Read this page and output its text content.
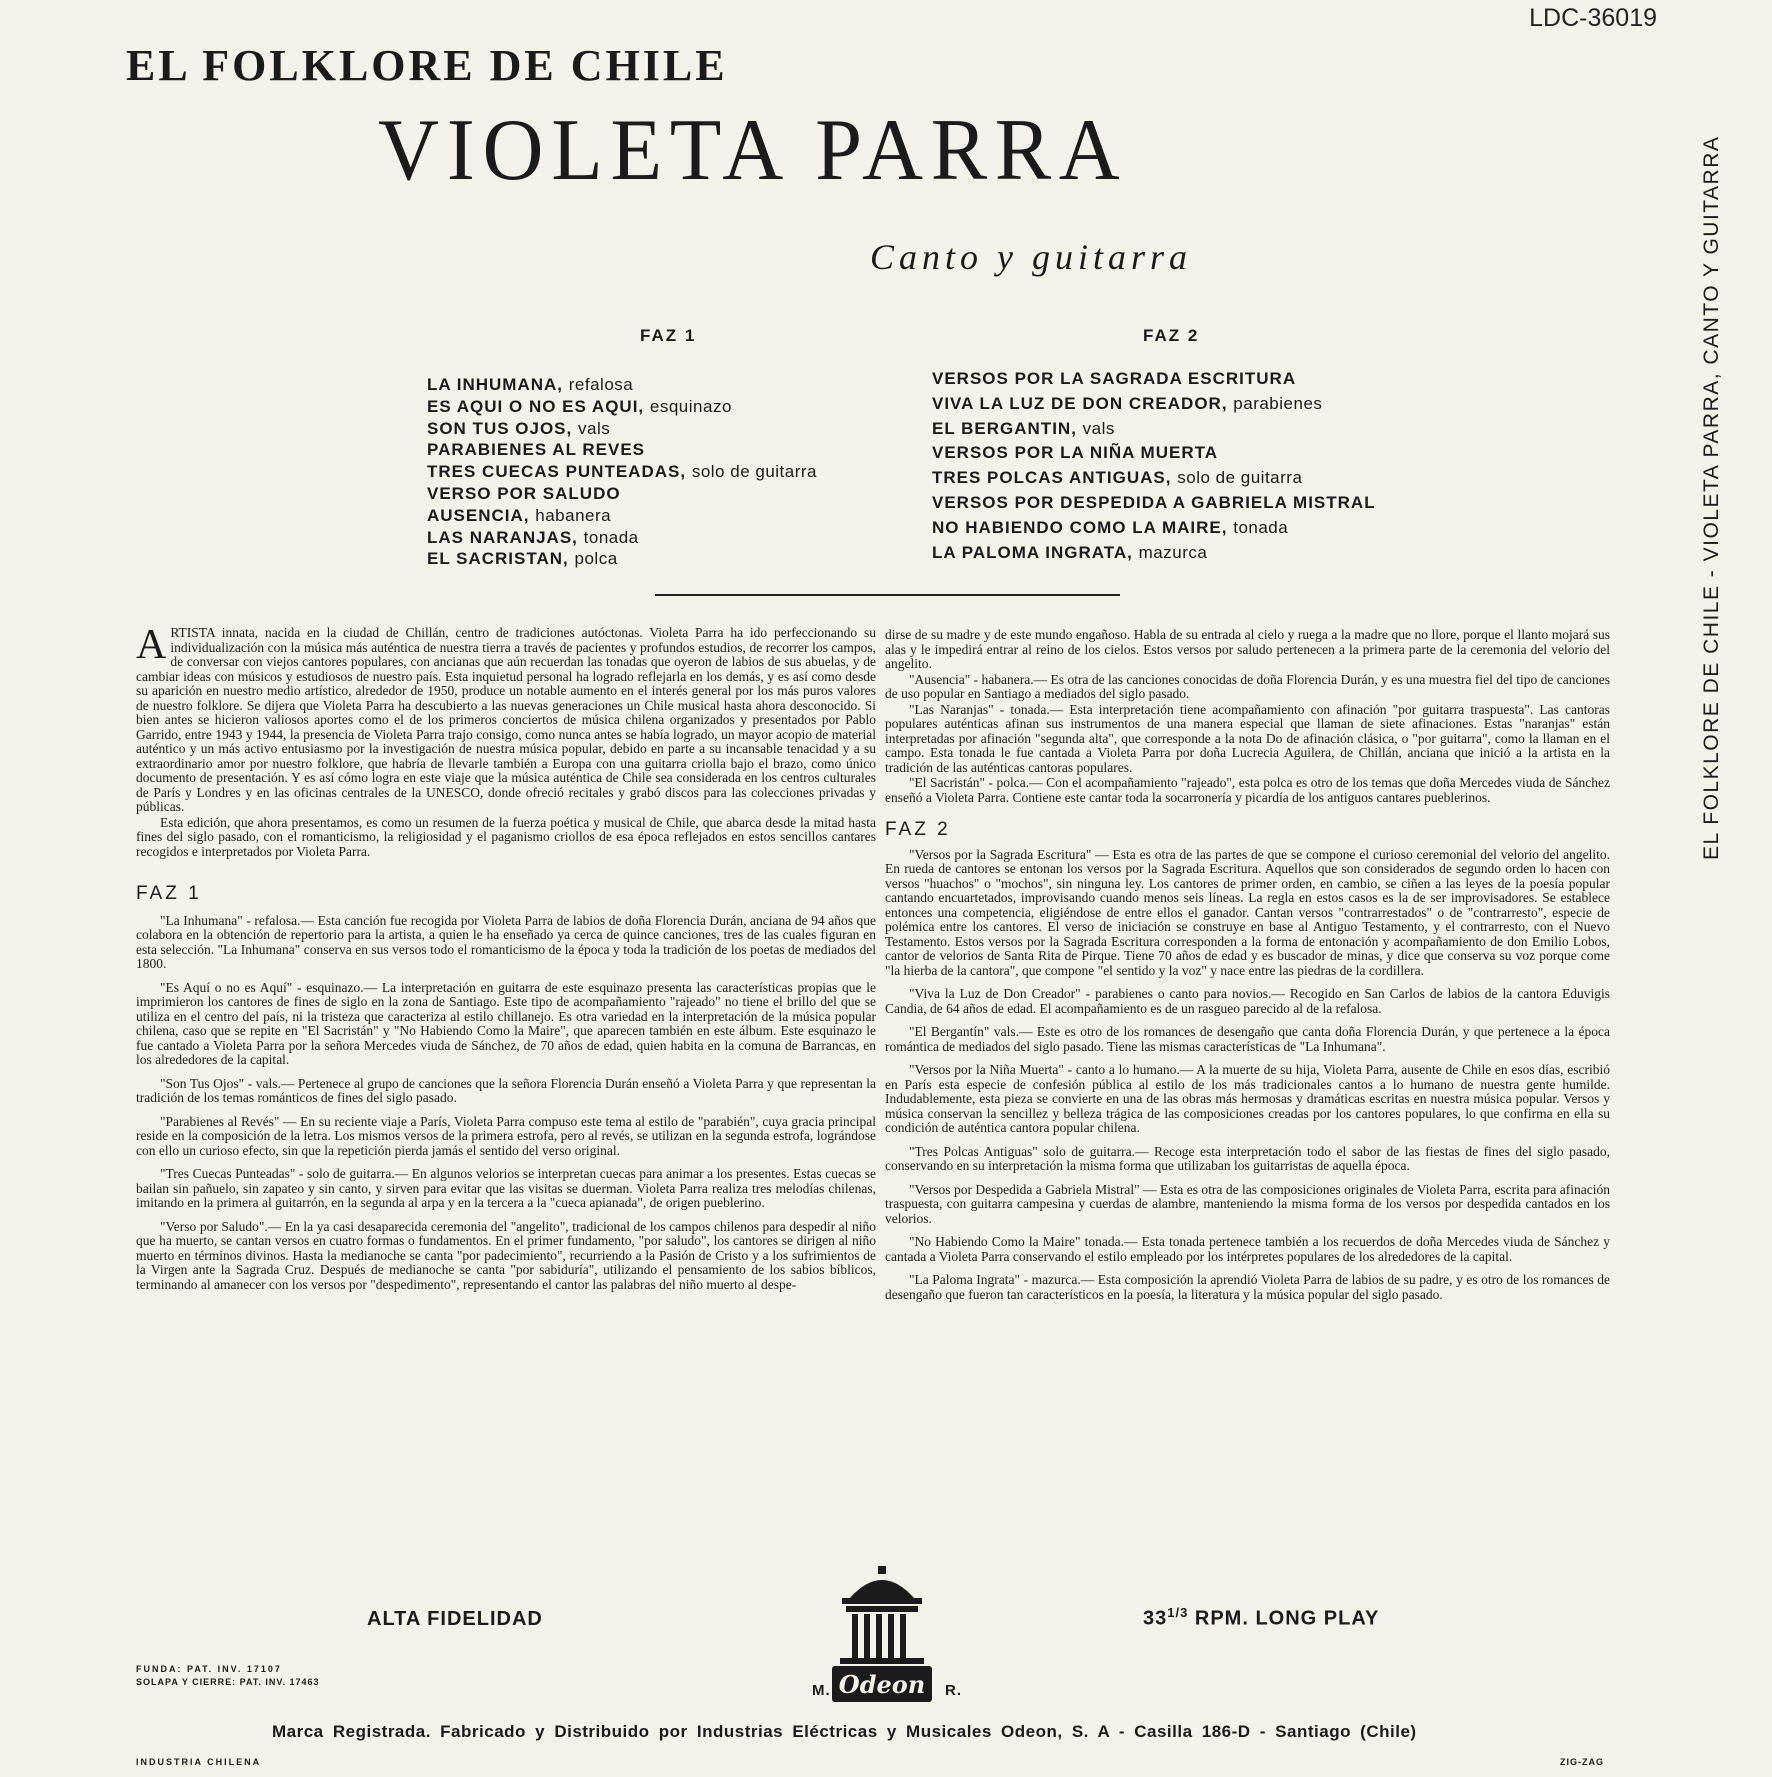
LDC-36019
EL FOLKLORE DE CHILE
VIOLETA PARRA
Canto y guitarra
FAZ 1	FAZ 2
LA INHUMANA, refalosa
ES AQUI O NO ES AQUI, esquinazo
SON TUS OJOS, vals
PARABIENES AL REVES
TRES CUECAS PUNTEADAS, solo de guitarra
VERSO POR SALUDO
AUSENCIA, habanera
LAS NARANJAS, tonada
EL SACRISTAN, polca
VERSOS POR LA SAGRADA ESCRITURA
VIVA LA LUZ DE DON CREADOR, parabienes
EL BERGANTIN, vals
VERSOS POR LA NIÑA MUERTA
TRES POLCAS ANTIGUAS, solo de guitarra
VERSOS POR DESPEDIDA A GABRIELA MISTRAL
NO HABIENDO COMO LA MAIRE, tonada
LA PALOMA INGRATA, mazurca

ARTISTA innata, nacida en la ciudad de Chillán, centro de tradiciones autóctonas. Violeta Parra ha ido perfeccionando su individualización con la música más auténtica de nuestra tierra a través de pacientes y profundos estudios, de recorrer los campos, de conversar con viejos cantores populares, con ancianas que aún recuerdan las tonadas que oyeron de labios de sus abuelas, y de cambiar ideas con músicos y estudiosos de nuestro país. Esta inquietud personal ha logrado reflejarla en los demás, y es así como desde su aparición en nuestro medio artístico, alrededor de 1950, produce un notable aumento en el interés general por los más puros valores de nuestro folklore. Se dijera que Violeta Parra ha descubierto a las nuevas generaciones un Chile musical hasta ahora desconocido. Si bien antes se hicieron valiosos aportes como el de los primeros conciertos de música chilena organizados y presentados por Pablo Garrido, entre 1943 y 1944, la presencia de Violeta Parra trajo consigo, como nunca antes se había logrado, un mayor acopio de material auténtico y un más activo entusiasmo por la investigación de nuestra música popular, debido en parte a su incansable tenacidad y a su extraordinario amor por nuestro folklore, que habría de llevarle también a Europa con una guitarra criolla bajo el brazo, como único documento de presentación. Y es así cómo logra en este viaje que la música auténtica de Chile sea considerada en los centros culturales de París y Londres y en las oficinas centrales de la UNESCO, donde ofreció recitales y grabó discos para las colecciones privadas y públicas.

Esta edición, que ahora presentamos, es como un resumen de la fuerza poética y musical de Chile, que abarca desde la mitad hasta fines del siglo pasado, con el romanticismo, la religiosidad y el paganismo criollos de esa época reflejados en estos sencillos cantares recogidos e interpretados por Violeta Parra.

FAZ 1

"La Inhumana" - refalosa.— Esta canción fue recogida por Violeta Parra de labios de doña Florencia Durán, anciana de 94 años que colabora en la obtención de repertorio para la artista, a quien le ha enseñado ya cerca de quince canciones, tres de las cuales figuran en esta selección. "La Inhumana" conserva en sus versos todo el romanticismo de la época y toda la tradición de los poetas de mediados del 1800.

"Es Aquí o no es Aquí" - esquinazo.— La interpretación en guitarra de este esquinazo presenta las características propias que le imprimieron los cantores de fines de siglo en la zona de Santiago. Este tipo de acompañamiento "rajeado" no tiene el brillo del que se utiliza en el centro del país, ni la tristeza que caracteriza al estilo chillanejo. Es otra variedad en la interpretación de la música popular chilena, caso que se repite en "El Sacristán" y "No Habiendo Como la Maire", que aparecen también en este álbum. Este esquinazo le fue cantado a Violeta Parra por la señora Mercedes viuda de Sánchez, de 70 años de edad, quien habita en la comuna de Barrancas, en los alrededores de la capital.

"Son Tus Ojos" - vals.— Pertenece al grupo de canciones que la señora Florencia Durán enseñó a Violeta Parra y que representan la tradición de los temas románticos de fines del siglo pasado.

"Parabienes al Revés" — En su reciente viaje a París, Violeta Parra compuso este tema al estilo de "parabién", cuya gracia principal reside en la composición de la letra. Los mismos versos de la primera estrofa, pero al revés, se utilizan en la segunda estrofa, lográndose con ello un curioso efecto, sin que la repetición pierda jamás el sentido del verso original.

"Tres Cuecas Punteadas" - solo de guitarra.— En algunos velorios se interpretan cuecas para animar a los presentes. Estas cuecas se bailan sin pañuelo, sin zapateo y sin canto, y sirven para evitar que las visitas se duerman. Violeta Parra realiza tres melodías chilenas, imitando en la primera al guitarrón, en la segunda al arpa y en la tercera a la "cueca apianada", de origen pueblerino.

"Verso por Saludo".— En la ya casi desaparecida ceremonia del "angelito", tradicional de los campos chilenos para despedir al niño que ha muerto, se cantan versos en cuatro formas o fundamentos. En el primer fundamento, "por saludo", los cantores se dirigen al niño muerto en términos divinos. Hasta la medianoche se canta "por padecimiento", recurriendo a la Pasión de Cristo y a los sufrimientos de la Virgen ante la Sagrada Cruz. Después de medianoche se canta "por sabiduría", utilizando el pensamiento de los sabios bíblicos, terminando al amanecer con los versos por "despedimento", representando el cantor las palabras del niño muerto al despe-

dirse de su madre y de este mundo engañoso. Habla de su entrada al cielo y ruega a la madre que no llore, porque el llanto mojará sus alas y le impedirá entrar al reino de los cielos. Estos versos por saludo pertenecen a la primera parte de la ceremonia del velorio del angelito.

"Ausencia" - habanera.— Es otra de las canciones conocidas de doña Florencia Durán, y es una muestra fiel del tipo de canciones de uso popular en Santiago a mediados del siglo pasado.

"Las Naranjas" - tonada.— Esta interpretación tiene acompañamiento con afinación "por guitarra traspuesta". Las cantoras populares auténticas afinan sus instrumentos de una manera especial que llaman de siete afinaciones. Estas "naranjas" están interpretadas por afinación "segunda alta", que corresponde a la nota Do de afinación clásica, o "por guitarra", como la llaman en el campo. Esta tonada le fue cantada a Violeta Parra por doña Lucrecia Aguilera, de Chillán, anciana que inició a la artista en la tradición de las auténticas cantoras populares.

"El Sacristán" - polca.— Con el acompañamiento "rajeado", esta polca es otro de los temas que doña Mercedes viuda de Sánchez enseñó a Violeta Parra. Contiene este cantar toda la socarronería y picardía de los antiguos cantares pueblerinos.

FAZ 2

"Versos por la Sagrada Escritura" — Esta es otra de las partes de que se compone el curioso ceremonial del velorio del angelito. En rueda de cantores se entonan los versos por la Sagrada Escritura. Aquellos que son considerados de segundo orden lo hacen con versos "huachos" o "mochos", sin ninguna ley. Los cantores de primer orden, en cambio, se ciñen a las leyes de la poesía popular cantando encuartetados, improvisando cuando menos seis líneas. La regla en estos casos es la de ser improvisadores. Se establece entonces una competencia, eligiéndose de entre ellos el ganador. Cantan versos "contrarrestados" o de "contrarresto", especie de polémica entre los cantores. El verso de iniciación se construye en base al Antiguo Testamento, y el contrarresto, con el Nuevo Testamento. Estos versos por la Sagrada Escritura corresponden a la forma de entonación y acompañamiento de don Emilio Lobos, cantor de velorios de Santa Rita de Pirque. Tiene 70 años de edad y es buscador de minas, y dice que conserva su voz porque come "la hierba de la cantora", que compone "el sentido y la voz" y nace entre las piedras de la cordillera.

"Viva la Luz de Don Creador" - parabienes o canto para novios.— Recogido en San Carlos de labios de la cantora Eduvigis Candia, de 64 años de edad. El acompañamiento es de un rasgueo parecido al de la refalosa.

"El Bergantín" vals.— Este es otro de los romances de desengaño que canta doña Florencia Durán, y que pertenece a la época romántica de mediados del siglo pasado. Tiene las mismas características de "La Inhumana".

"Versos por la Niña Muerta" - canto a lo humano.— A la muerte de su hija, Violeta Parra, ausente de Chile en esos días, escribió en París esta especie de confesión pública al estilo de los más tradicionales cantos a lo humano de nuestra gente humilde. Indudablemente, esta pieza se convierte en una de las obras más hermosas y dramáticas escritas en nuestra música popular. Versos y música conservan la sencillez y belleza trágica de las composiciones creadas por los cantores populares, lo que confirma en ella su condición de auténtica cantora popular chilena.

"Tres Polcas Antiguas" solo de guitarra.— Recoge esta interpretación todo el sabor de las fiestas de fines del siglo pasado, conservando en su interpretación la misma forma que utilizaban los guitarristas de aquella época.

"Versos por Despedida a Gabriela Mistral" — Esta es otra de las composiciones originales de Violeta Parra, escrita para afinación traspuesta, con guitarra campesina y cuerdas de alambre, manteniendo la misma forma de los versos por despedida cantados en los velorios.

"No Habiendo Como la Maire" tonada.— Esta tonada pertenece también a los recuerdos de doña Mercedes viuda de Sánchez y cantada a Violeta Parra conservando el estilo empleado por los intérpretes populares de los alrededores de la capital.

"La Paloma Ingrata" - mazurca.— Esta composición la aprendió Violeta Parra de labios de su padre, y es otro de los romances de desengaño que fueron tan característicos en la poesía, la literatura y la música popular del siglo pasado.

EL FOLKLORE DE CHILE - VIOLETA PARRA, CANTO Y GUITARRA
ALTA FIDELIDAD	$33^{1/3}$ RPM. LONG PLAY
Odeon
M.	R.
FUNDA: PAT. INV. 17107
SOLAPA Y CIERRE: PAT. INV. 17463
Marca Registrada. Fabricado y Distribuido por Industrias Eléctricas y Musicales Odeon, S. A - Casilla 186-D - Santiago (Chile)
INDUSTRIA CHILENA	ZIG-ZAG
